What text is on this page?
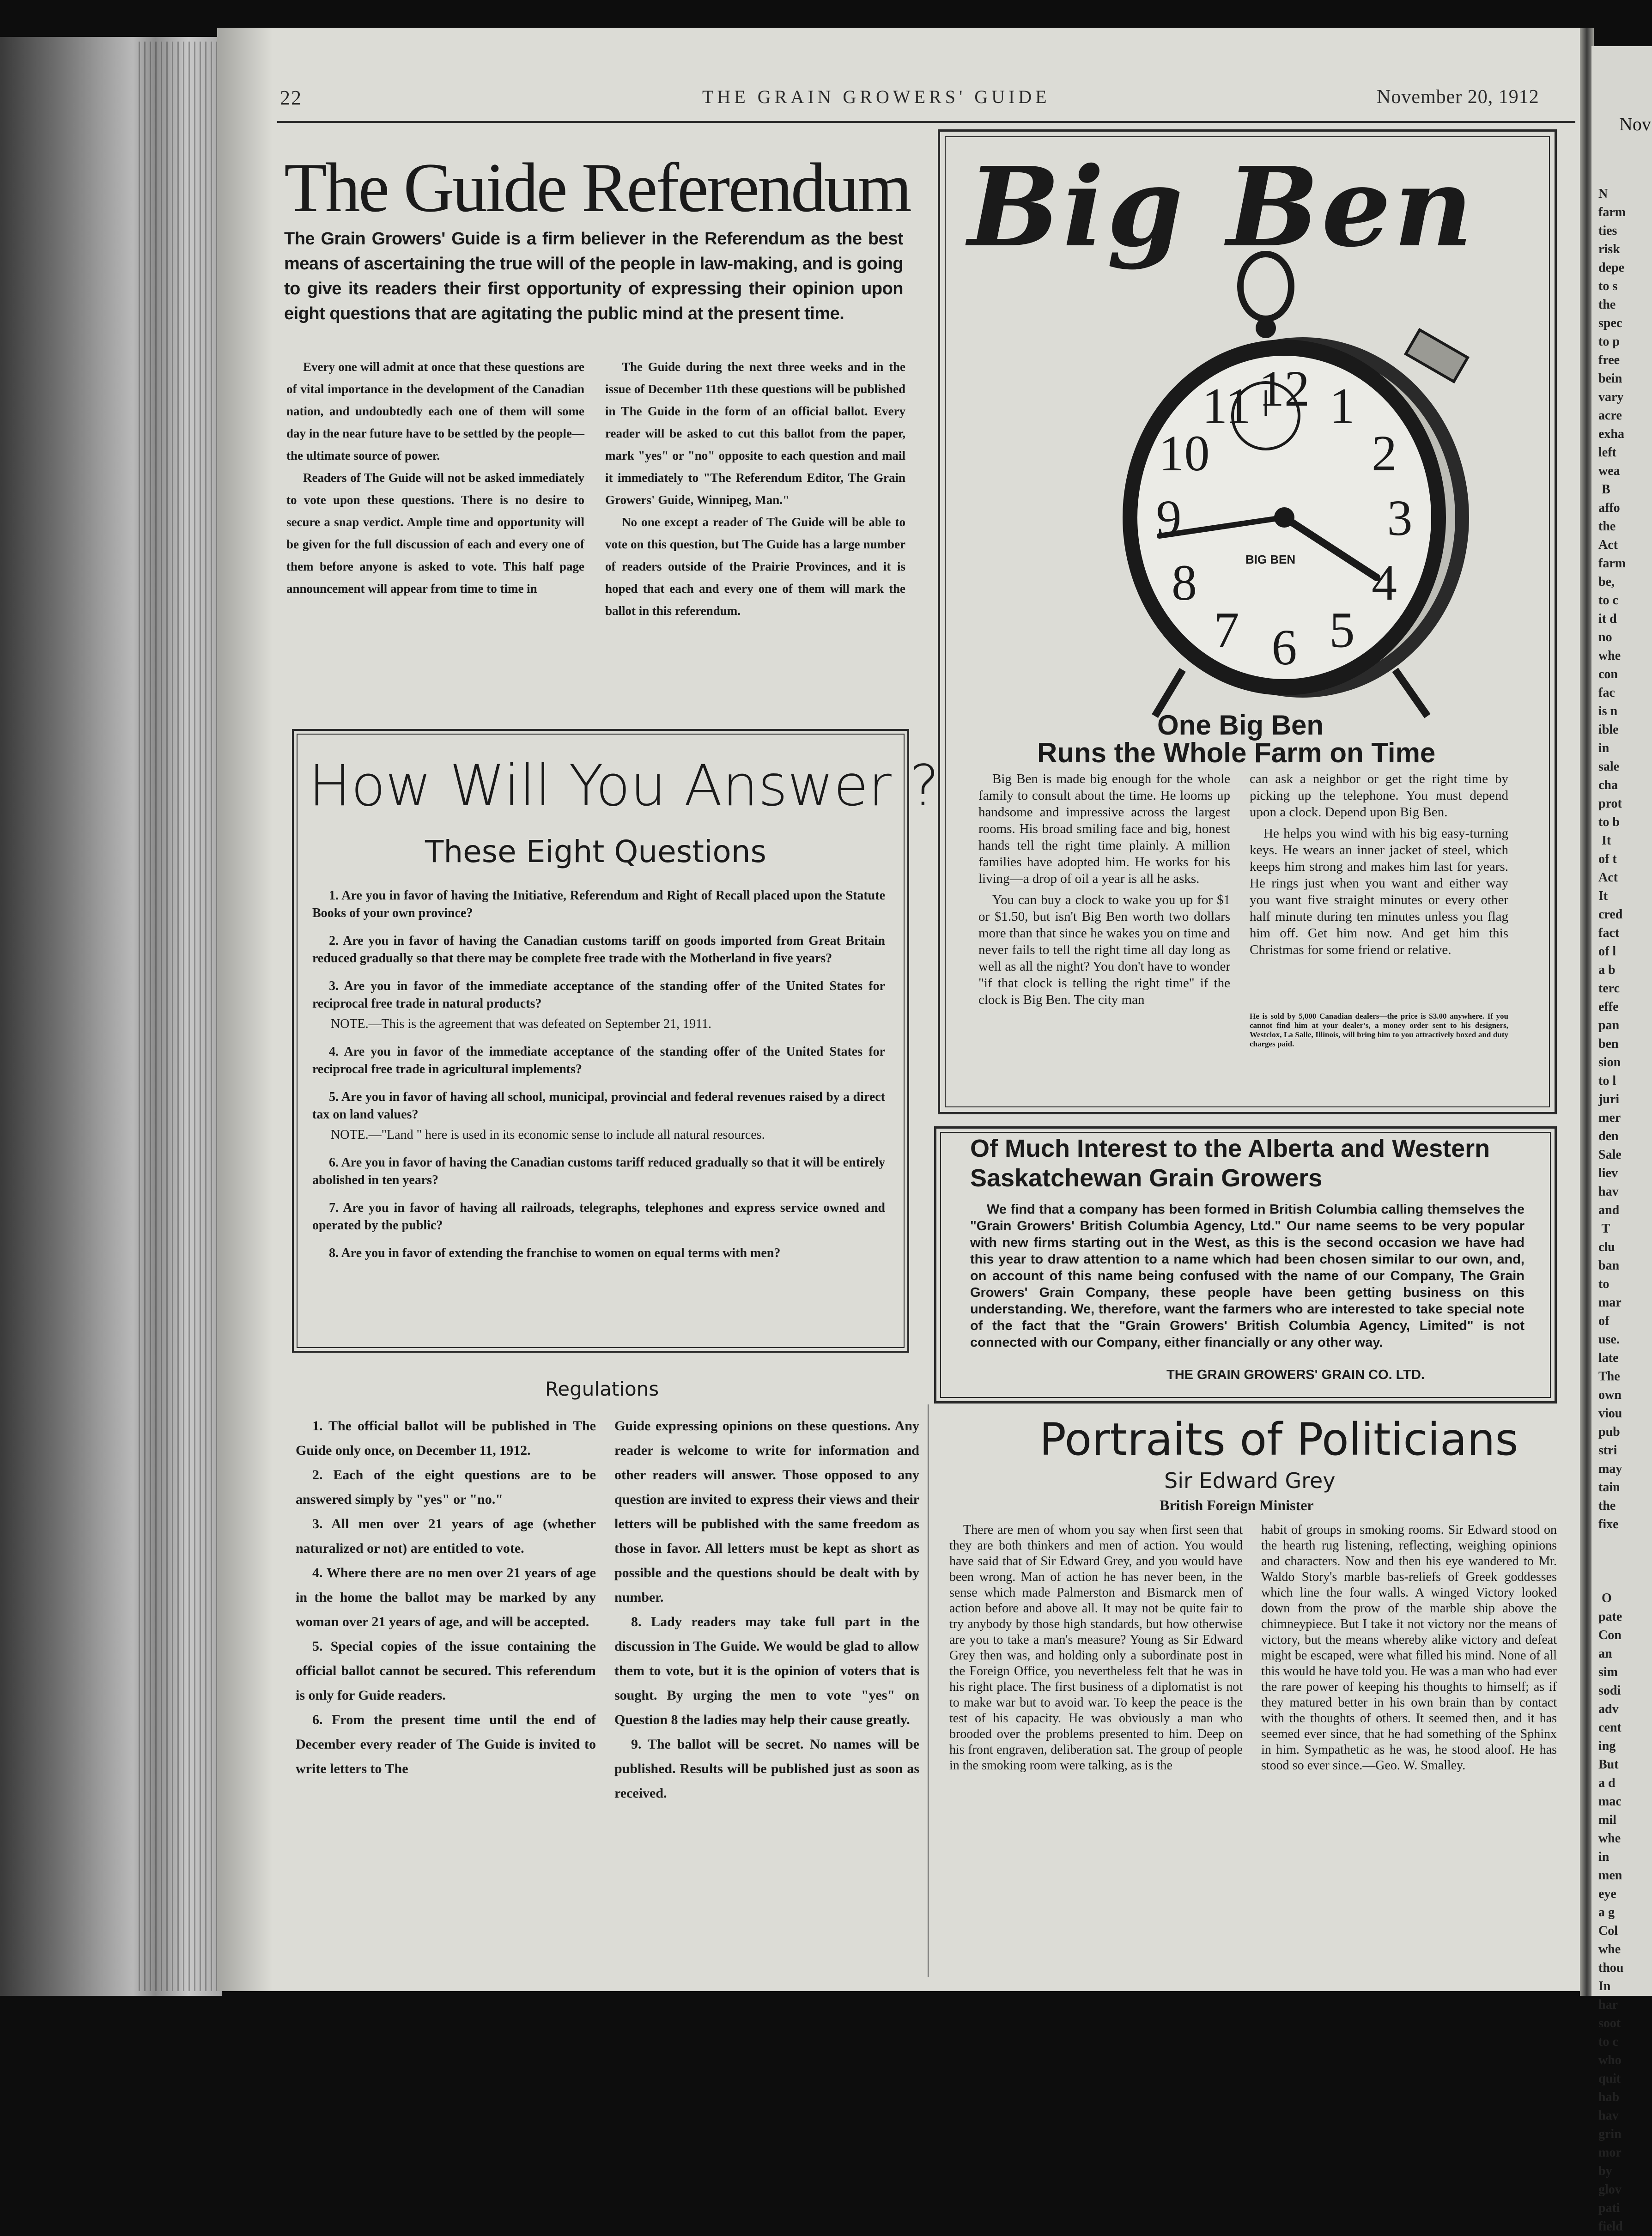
22	THE GRAIN GROWERS' GUIDE	November 20, 1912
The Guide Referendum
The Grain Growers' Guide is a firm believer in the Referendum as the best means of ascertaining the true will of the people in law-making, and is going to give its readers their first opportunity of expressing their opinion upon eight questions that are agitating the public mind at the present time.

Every one will admit at once that these questions are of vital importance in the development of the Canadian nation, and undoubtedly each one of them will some day in the near future have to be settled by the people—the ultimate source of power.

Readers of The Guide will not be asked immediately to vote upon these questions. There is no desire to secure a snap verdict. Ample time and opportunity will be given for the full discussion of each and every one of them before anyone is asked to vote. This half page announcement will appear from time to time in

The Guide during the next three weeks and in the issue of December 11th these questions will be published in The Guide in the form of an official ballot. Every reader will be asked to cut this ballot from the paper, mark "yes" or "no" opposite to each question and mail it immediately to "The Referendum Editor, The Grain Growers' Guide, Winnipeg, Man."

No one except a reader of The Guide will be able to vote on this question, but The Guide has a large number of readers outside of the Prairie Provinces, and it is hoped that each and every one of them will mark the ballot in this referendum.

How Will You Answer ?
These Eight Questions
1. Are you in favor of having the Initiative, Referendum and Right of Recall placed upon the Statute Books of your own province?
2. Are you in favor of having the Canadian customs tariff on goods imported from Great Britain reduced gradually so that there may be complete free trade with the Motherland in five years?
3. Are you in favor of the immediate acceptance of the standing offer of the United States for reciprocal free trade in natural products?
NOTE.—This is the agreement that was defeated on September 21, 1911.
4. Are you in favor of the immediate acceptance of the standing offer of the United States for reciprocal free trade in agricultural implements?
5. Are you in favor of having all school, municipal, provincial and federal revenues raised by a direct tax on land values?
NOTE.—"Land " here is used in its economic sense to include all natural resources.
6. Are you in favor of having the Canadian customs tariff reduced gradually so that it will be entirely abolished in ten years?
7. Are you in favor of having all railroads, telegraphs, telephones and express service owned and operated by the public?
8. Are you in favor of extending the franchise to women on equal terms with men?
Regulations

1. The official ballot will be published in The Guide only once, on December 11, 1912.

2. Each of the eight questions are to be answered simply by "yes" or "no."

3. All men over 21 years of age (whether naturalized or not) are entitled to vote.

4. Where there are no men over 21 years of age in the home the ballot may be marked by any woman over 21 years of age, and will be accepted.

5. Special copies of the issue containing the official ballot cannot be secured. This referendum is only for Guide readers.

6. From the present time until the end of December every reader of The Guide is invited to write letters to The

Guide expressing opinions on these questions. Any reader is welcome to write for information and other readers will answer. Those opposed to any question are invited to express their views and their letters will be published with the same freedom as those in favor. All letters must be kept as short as possible and the questions should be dealt with by number.

8. Lady readers may take full part in the discussion in The Guide. We would be glad to allow them to vote, but it is the opinion of voters that is sought. By urging the men to vote "yes" on Question 8 the ladies may help their cause greatly.

9. The ballot will be secret. No names will be published. Results will be published just as soon as received.

Big Ben
12 1
2
3
4
5
6
7
8
9
10
11
BIG BEN
One Big Ben
Runs the Whole Farm on Time

Big Ben is made big enough for the whole family to consult about the time. He looms up handsome and impressive across the largest rooms. His broad smiling face and big, honest hands tell the right time plainly. A million families have adopted him. He works for his living—a drop of oil a year is all he asks.

You can buy a clock to wake you up for $1 or $1.50, but isn't Big Ben worth two dollars more than that since he wakes you on time and never fails to tell the right time all day long as well as all the night? You don't have to wonder "if that clock is telling the right time" if the clock is Big Ben. The city man

can ask a neighbor or get the right time by picking up the telephone. You must depend upon a clock. Depend upon Big Ben.

He helps you wind with his big easy-turning keys. He wears an inner jacket of steel, which keeps him strong and makes him last for years. He rings just when you want and either way you want five straight minutes or every other half minute during ten minutes unless you flag him off. Get him now. And get him this Christmas for some friend or relative.

He is sold by 5,000 Canadian dealers—the price is $3.00 anywhere. If you cannot find him at your dealer's, a money order sent to his designers, Westclox, La Salle, Illinois, will bring him to you attractively boxed and duty charges paid.
Of Much Interest to the Alberta and Western Saskatchewan Grain Growers
We find that a company has been formed in British Columbia calling themselves the "Grain Growers' British Columbia Agency, Ltd." Our name seems to be very popular with new firms starting out in the West, as this is the second occasion we have had this year to draw attention to a name which had been chosen similar to our own, and, on account of this name being confused with the name of our Company, The Grain Growers' Grain Company, these people have been getting business on this understanding. We, therefore, want the farmers who are interested to take special note of the fact that the "Grain Growers' British Columbia Agency, Limited" is not connected with our Company, either financially or any other way.
THE GRAIN GROWERS' GRAIN CO. LTD.
Portraits of Politicians
Sir Edward Grey
British Foreign Minister

There are men of whom you say when first seen that they are both thinkers and men of action. You would have said that of Sir Edward Grey, and you would have been wrong. Man of action he has never been, in the sense which made Palmerston and Bismarck men of action before and above all. It may not be quite fair to try anybody by those high standards, but how otherwise are you to take a man's measure? Young as Sir Edward Grey then was, and holding only a subordinate post in the Foreign Office, you nevertheless felt that he was in his right place. The first business of a diplomatist is not to make war but to avoid war. To keep the peace is the test of his capacity. He was obviously a man who brooded over the problems presented to him. Deep on his front engraven, deliberation sat. The group of people in the smoking room were talking, as is the

habit of groups in smoking rooms. Sir Edward stood on the hearth rug listening, reflecting, weighing opinions and characters. Now and then his eye wandered to Mr. Waldo Story's marble bas-reliefs of Greek goddesses which line the four walls. A winged Victory looked down from the prow of the marble ship above the chimneypiece. But I take it not victory nor the means of victory, but the means whereby alike victory and defeat might be escaped, were what filled his mind. None of all this would he have told you. He was a man who had ever the rare power of keeping his thoughts to himself; as if they matured better in his own brain than by contact with the thoughts of others. It seemed then, and it has seemed ever since, that he had something of the Sphinx in him. Sympathetic as he was, he stood aloof. He has stood so ever since.—Geo. W. Smalley.

Nov
N
farm
ties
risk
depe
to s
the
spec
to p
free
bein
vary
acre
exha
left
wea
B
affo
the
Act
farm
be,
to c
it d
no
whe
con
fac
is n
ible
in
sale
cha
prot
to b
It
of t
Act
It
cred
fact
of l
a b
terc
effe
pan
ben
sion
to l
juri
mer
den
Sale
liev
hav
and
T
clu
ban
to
mar
of
use.
late
The
own
viou
pub
stri
may
tain
the
fixe

O
pate
Con
an
sim
sodi
adv
cent
ing
But
a d
mac
mil
whe
in
men
eye
a g
Col
whe
thou
In
har
soot
to c
who
quit
hab
hav
grin
mor
by
glov
pati
field
